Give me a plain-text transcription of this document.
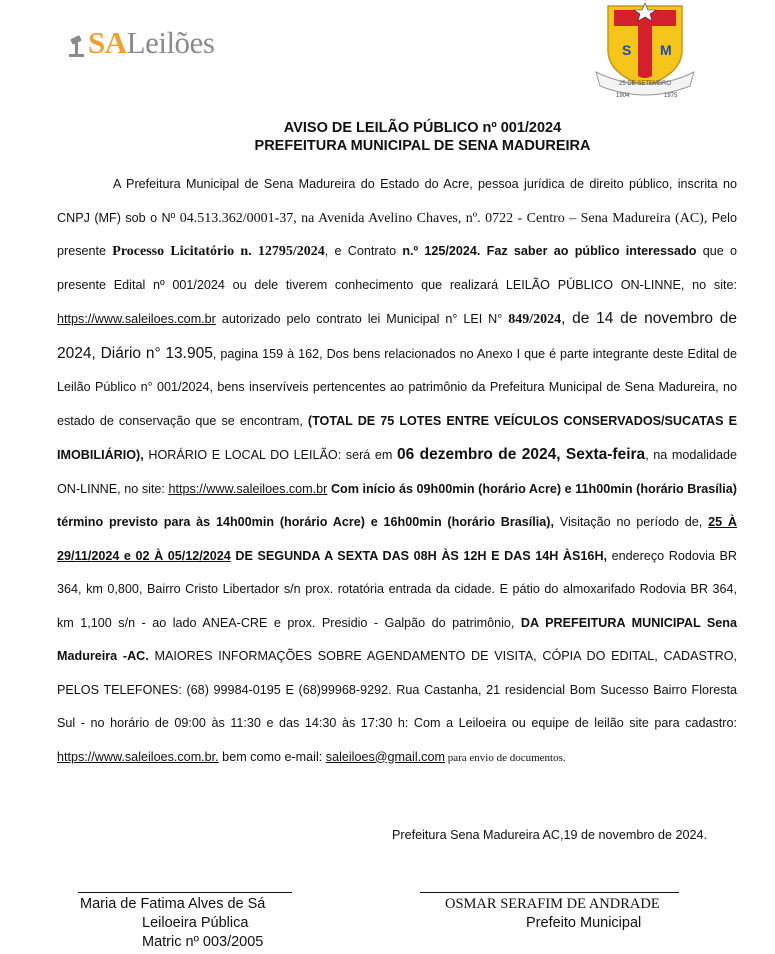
SALeilões	S M
25 DE SETEMBRO
1904	1975
AVISO DE LEILÃO PÚBLICO nº 001/2024
PREFEITURA MUNICIPAL DE SENA MADUREIRA

A Prefeitura Municipal de Sena Madureira do Estado do Acre, pessoa jurídica de direito público, inscrita no CNPJ (MF) sob o Nº 04.513.362/0001-37, na Avenida Avelino Chaves, nº. 0722 - Centro – Sena Madureira (AC), Pelo presente Processo Licitatório n. 12795/2024, e Contrato n.º 125/2024. Faz saber ao público interessado que o presente Edital nº 001/2024 ou dele tiverem conhecimento que realizará LEILÃO PÚBLICO ON-LINNE, no site: https://www.saleiloes.com.br autorizado pelo contrato lei Municipal n° LEI N° 849/2024, de 14 de novembro de 2024, Diário n° 13.905, pagina 159 à 162, Dos bens relacionados no Anexo I que é parte integrante deste Edital de Leilão Público n° 001/2024, bens inservíveis pertencentes ao patrimônio da Prefeitura Municipal de Sena Madureira, no estado de conservação que se encontram, (TOTAL DE 75 LOTES ENTRE VEÍCULOS CONSERVADOS/SUCATAS E IMOBILIÁRIO), HORÁRIO E LOCAL DO LEILÃO: será em 06 dezembro de 2024, Sexta-feira, na modalidade ON-LINNE, no site: https://www.saleiloes.com.br Com início ás 09h00min (horário Acre) e 11h00min (horário Brasília) término previsto para às 14h00min (horário Acre) e 16h00min (horário Brasília), Visitação no período de, 25 À 29/11/2024 e 02 À 05/12/2024 DE SEGUNDA A SEXTA DAS 08H ÀS 12H E DAS 14H ÀS16H, endereço Rodovia BR 364, km 0,800, Bairro Cristo Libertador s/n prox. rotatória entrada da cidade. E pátio do almoxarifado Rodovia BR 364, km 1,100 s/n - ao lado ANEA-CRE e prox. Presidio - Galpão do patrimônio, DA PREFEITURA MUNICIPAL Sena Madureira -AC. MAIORES INFORMAÇÕES SOBRE AGENDAMENTO DE VISITA, CÓPIA DO EDITAL, CADASTRO, PELOS TELEFONES: (68) 99984-0195 E (68)99968-9292. Rua Castanha, 21 residencial Bom Sucesso Bairro Floresta Sul - no horário de 09:00 às 11:30 e das 14:30 às 17:30 h: Com a Leiloeira ou equipe de leilão site para cadastro: https://www.saleiloes.com.br. bem como e-mail: saleiloes@gmail.com para envio de documentos.

Prefeitura Sena Madureira AC,19 de novembro de 2024.
Maria de Fatima Alves de Sá
Leiloeira Pública
Matric nº 003/2005
OSMAR SERAFIM DE ANDRADE
Prefeito Municipal
